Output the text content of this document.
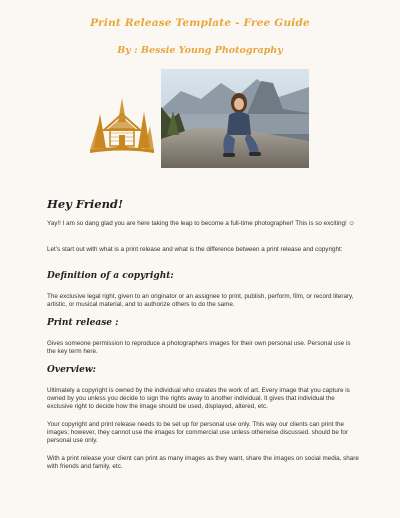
Print Release Template - Free Guide
By : Bessie Young Photography
Hey Friend!

Yay!! I am so dang glad you are here taking the leap to become a full-time photographer! This is so exciting! ☺

Let's start out with what is a print release and what is the difference between a print release and copyright:

Definition of a copyright:

The exclusive legal right, given to an originator or an assignee to print, publish, perform, film, or record literary, artistic, or musical material, and to authorize others to do the same.

Print release :

Gives someone permission to reproduce a photographers images for their own personal use. Personal use is the key term here.

Overview:

Ultimately a copyright is owned by the individual who creates the work of art. Every image that you capture is owned by you unless you decide to sign the rights away to another individual. It gives that individual the exclusive right to decide how the image should be used, displayed, altered, etc.

Your copyright and print release needs to be set up for personal use only. This way our clients can print the images; however, they cannot use the images for commercial use unless otherwise discussed. should be for personal use only.

With a print release your client can print as many images as they want, share the images on social media, share with friends and family, etc.
